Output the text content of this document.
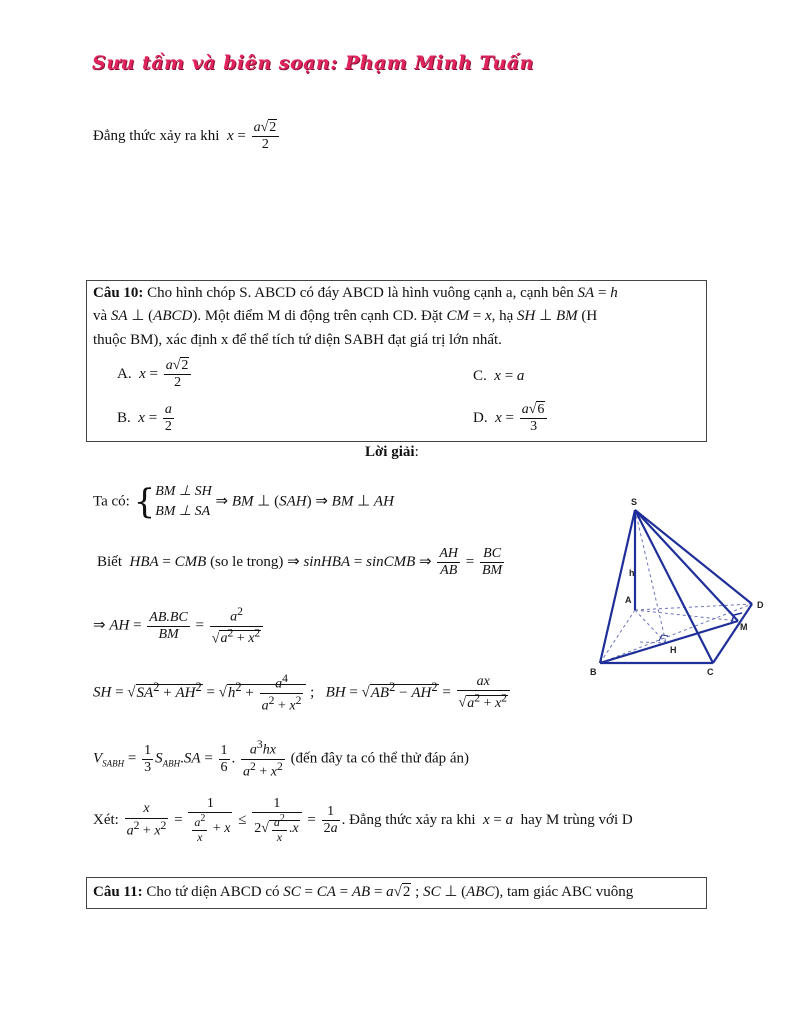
Sưu tầm và biên soạn: Phạm Minh Tuấn
Đẳng thức xảy ra khi $x = \frac{a√2}{2}$
Câu 10: Cho hình chóp S. ABCD có đáy ABCD là hình vuông cạnh a, cạnh bên SA = h
và SA ⊥ (ABCD). Một điểm M di động trên cạnh CD. Đặt CM = x, hạ SH ⊥ BM (H
thuộc BM), xác định x để thể tích tứ diện SABH đạt giá trị lớn nhất.
A. $x = \frac{a√2}{2}$	C. x = a
B. $x = \frac{a}{2}$	D. $x = \frac{a√6}{3}$
Lời giải:
Ta có: { BM ⊥ SH
BM ⊥ SA
⇒ BM ⊥ (SAH) ⇒ BM ⊥ AH
Biết HBA = CMB (so le trong) ⇒ sinHBA = sinCMB ⇒ $\frac{AH}{AB} = \frac{BC}{BM}$
⇒ AH = $\frac{AB.BC}{BM} = \frac{a^2}{√a^2 + x^2}$
SH = $√SA^2 + AH^2 = √h^2 + \frac{a^4}{a^2 + x^2}$ ;   BH = $√AB^2 - AH^2 = \frac{ax}{√a^2 + x^2}$
$V_{SABH} = \frac{1}{3} S_{ABH}.SA = \frac{1}{6}$ . $\frac{a^3hx}{a^2 + x^2}$ (đến đây ta có thể thử đáp án)
Xét: $\frac{x}{a^2 + x^2} = \frac{1}{\frac{a^2}{x} + x} \le \frac{1}{2√ \frac{a^2}{x} .x} = \frac{1}{2a}$ . Đẳng thức xảy ra khi x = a hay M trùng với D
S
A
B	C
D
M
H
h
Câu 11: Cho tứ diện ABCD có SC = CA = AB = a√2 ; SC ⊥ (ABC), tam giác ABC vuông
